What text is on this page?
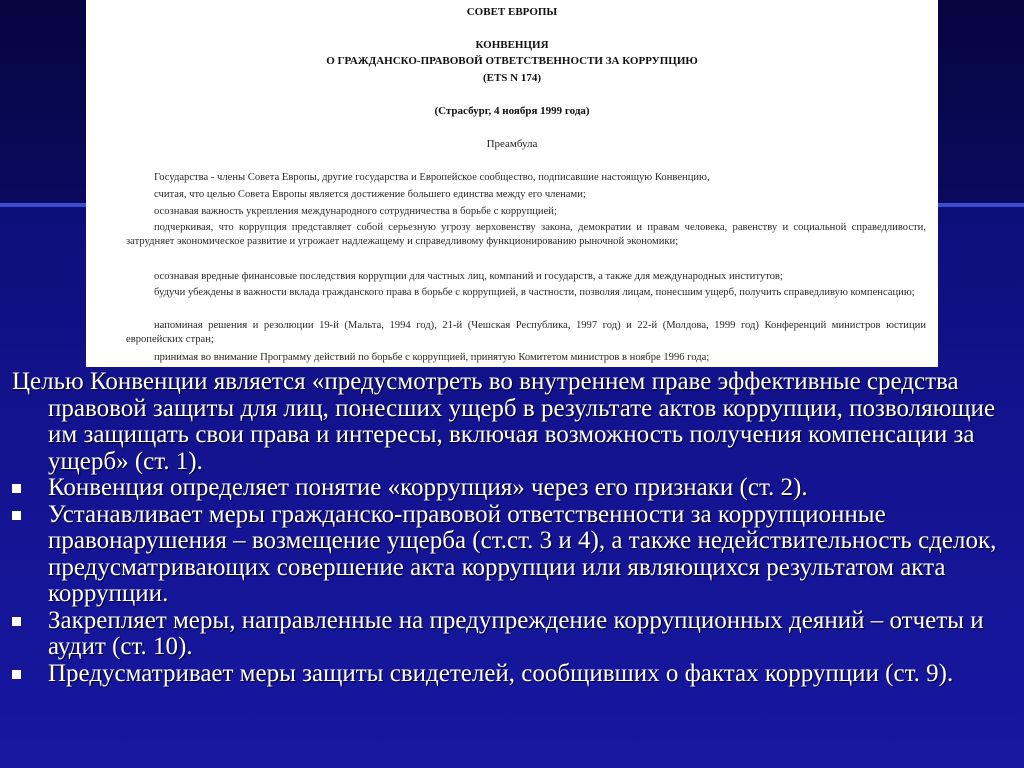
СОВЕТ ЕВРОПЫ
КОНВЕНЦИЯ
О ГРАЖДАНСКО-ПРАВОВОЙ ОТВЕТСТВЕННОСТИ ЗА КОРРУПЦИЮ
(ETS N 174)
(Страсбург, 4 ноября 1999 года)
Преамбула
Государства - члены Совета Европы, другие государства и Европейское сообщество, подписавшие настоящую Конвенцию,
считая, что целью Совета Европы является достижение большего единства между его членами;
осознавая важность укрепления международного сотрудничества в борьбе с коррупцией;
подчеркивая, что коррупция представляет собой серьезную угрозу верховенству закона, демократии и правам человека, равенству и социальной справедливости, затрудняет экономическое развитие и угрожает надлежащему и справедливому функционированию рыночной экономики;
осознавая вредные финансовые последствия коррупции для частных лиц, компаний и государств, а также для международных институтов;
будучи убеждены в важности вклада гражданского права в борьбе с коррупцией, в частности, позволяя лицам, понесшим ущерб, получить справедливую компенсацию;
напоминая решения и резолюции 19-й (Мальта, 1994 год), 21-й (Чешская Республика, 1997 год) и 22-й (Молдова, 1999 год) Конференций министров юстиции европейских стран;
принимая во внимание Программу действий по борьбе с коррупцией, принятую Комитетом министров в ноябре 1996 года;

Целью Конвенции является «предусмотреть во внутреннем праве эффективные средства правовой защиты для лиц, понесших ущерб в результате актов коррупции, позволяющие им защищать свои права и интересы, включая возможность получения компенсации за ущерб» (ст. 1).

Конвенция определяет понятие «коррупция» через его признаки (ст. 2).

Устанавливает меры гражданско-правовой ответственности за коррупционные правонарушения – возмещение ущерба (ст.ст. 3 и 4), а также недействительность сделок, предусматривающих совершение акта коррупции или являющихся результатом акта коррупции.

Закрепляет меры, направленные на предупреждение коррупционных деяний – отчеты и аудит (ст. 10).

Предусматривает меры защиты свидетелей, сообщивших о фактах коррупции (ст. 9).
